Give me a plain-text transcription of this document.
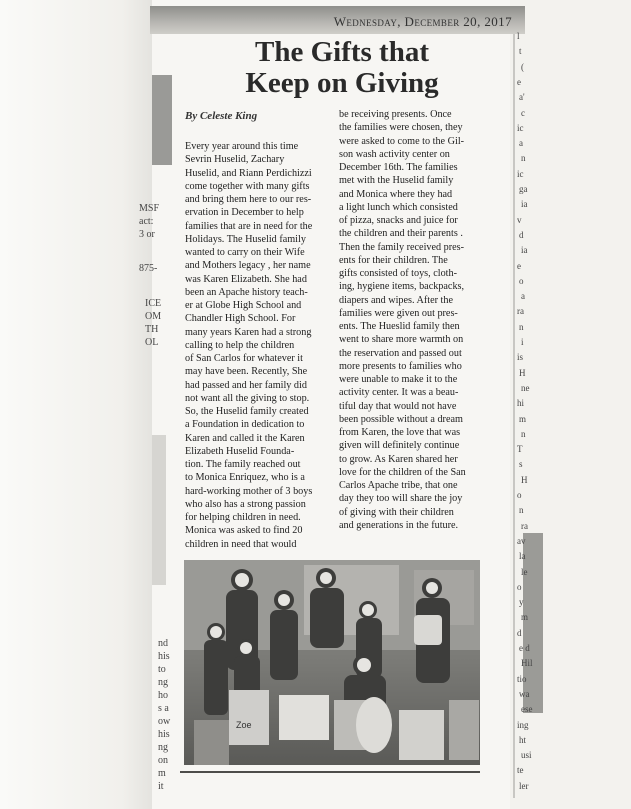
Wednesday, December 20, 2017
The Gifts that
Keep on Giving
By Celeste King
Every year around this time
Sevrin Huselid, Zachary
Huselid, and Riann Perdichizzi
come together with many gifts
and bring them here to our res-
ervation in December to help
families that are in need for the
Holidays. The Huselid family
wanted to carry on their Wife
and Mothers legacy , her name
was Karen Elizabeth. She had
been an Apache history teach-
er at Globe High School and
Chandler High School. For
many years Karen had a strong
calling to help the children
of San Carlos for whatever it
may have been. Recently, She
had passed and her family did
not want all the giving to stop.
So, the Huselid family created
a Foundation in dedication to
Karen and called it the Karen
Elizabeth Huselid Founda-
tion. The family reached out
to Monica Enriquez, who is a
hard-working mother of 3 boys
who also has a strong passion
for helping children in need.
Monica was asked to find 20
children in need that would
be receiving presents. Once
the families were chosen, they
were asked to come to the Gil-
son wash activity center on
December 16th. The families
met with the Huselid family
and Monica where they had
a light lunch which consisted
of pizza, snacks and juice for
the children and their parents .
Then the family received pres-
ents for their children. The
gifts consisted of toys, cloth-
ing, hygiene items, backpacks,
diapers and wipes. After the
families were given out pres-
ents. The Hueslid family then
went to share more warmth on
the reservation and passed out
more presents to families who
were unable to make it to the
activity center. It was a beau-
tiful day that would not have
been possible without a dream
from Karen, the love that was
given will definitely continue
to grow. As Karen shared her
love for the children of the San
Carlos Apache tribe, that one
day they too will share the joy
of giving with their children
and generations in the future.
Zoe
MSF
act:
3 or
875-
ICE
OM
TH
OL
nd
his
to
ng
ho
s a
ow
his
ng
on
m
it
l
t
(
e
a'
c
ic
a
n
ic
ga
ia
v
d
ia
e
o
a
ra
n
i
is
H
ne
hi
m
n
T
s
H
o
n
ra
av
la
le
o
y
m
d
e d
Hil
tio
wa
ese
ing
ht
usi
te
ler
